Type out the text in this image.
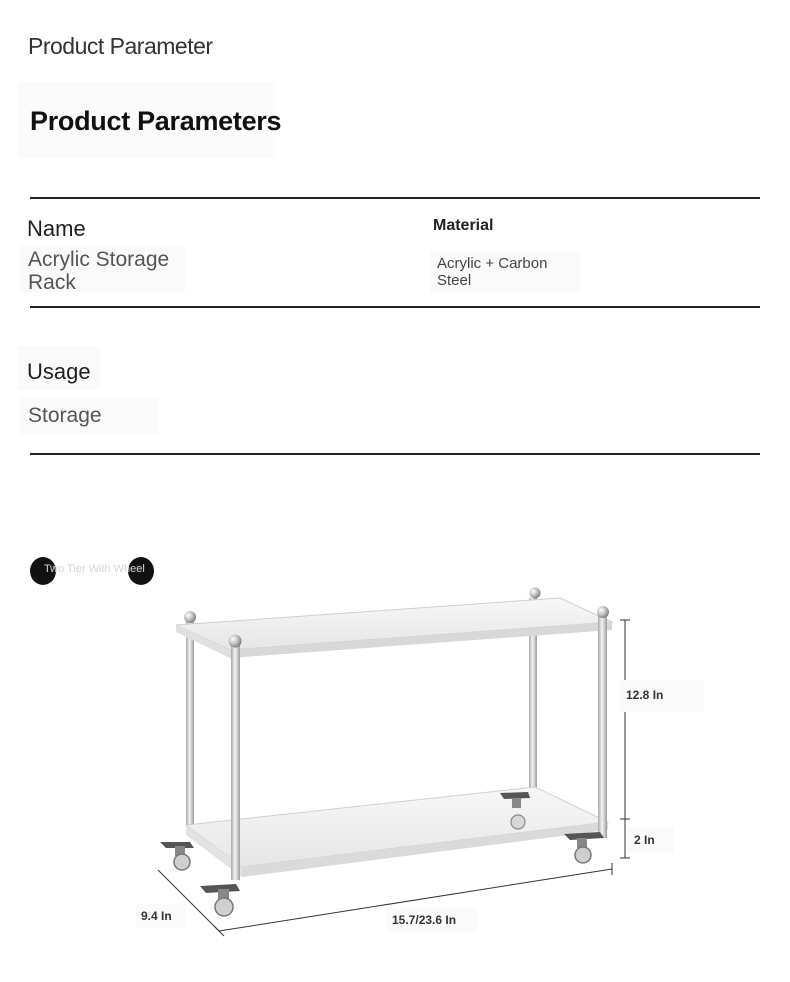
Product Parameter
Product Parameters
Name
Acrylic Storage
Rack
Material
Acrylic + Carbon
Steel
Usage
Storage
Two Tier With Wheel
12.8 In
2 In
9.4 In	15.7/23.6 In
